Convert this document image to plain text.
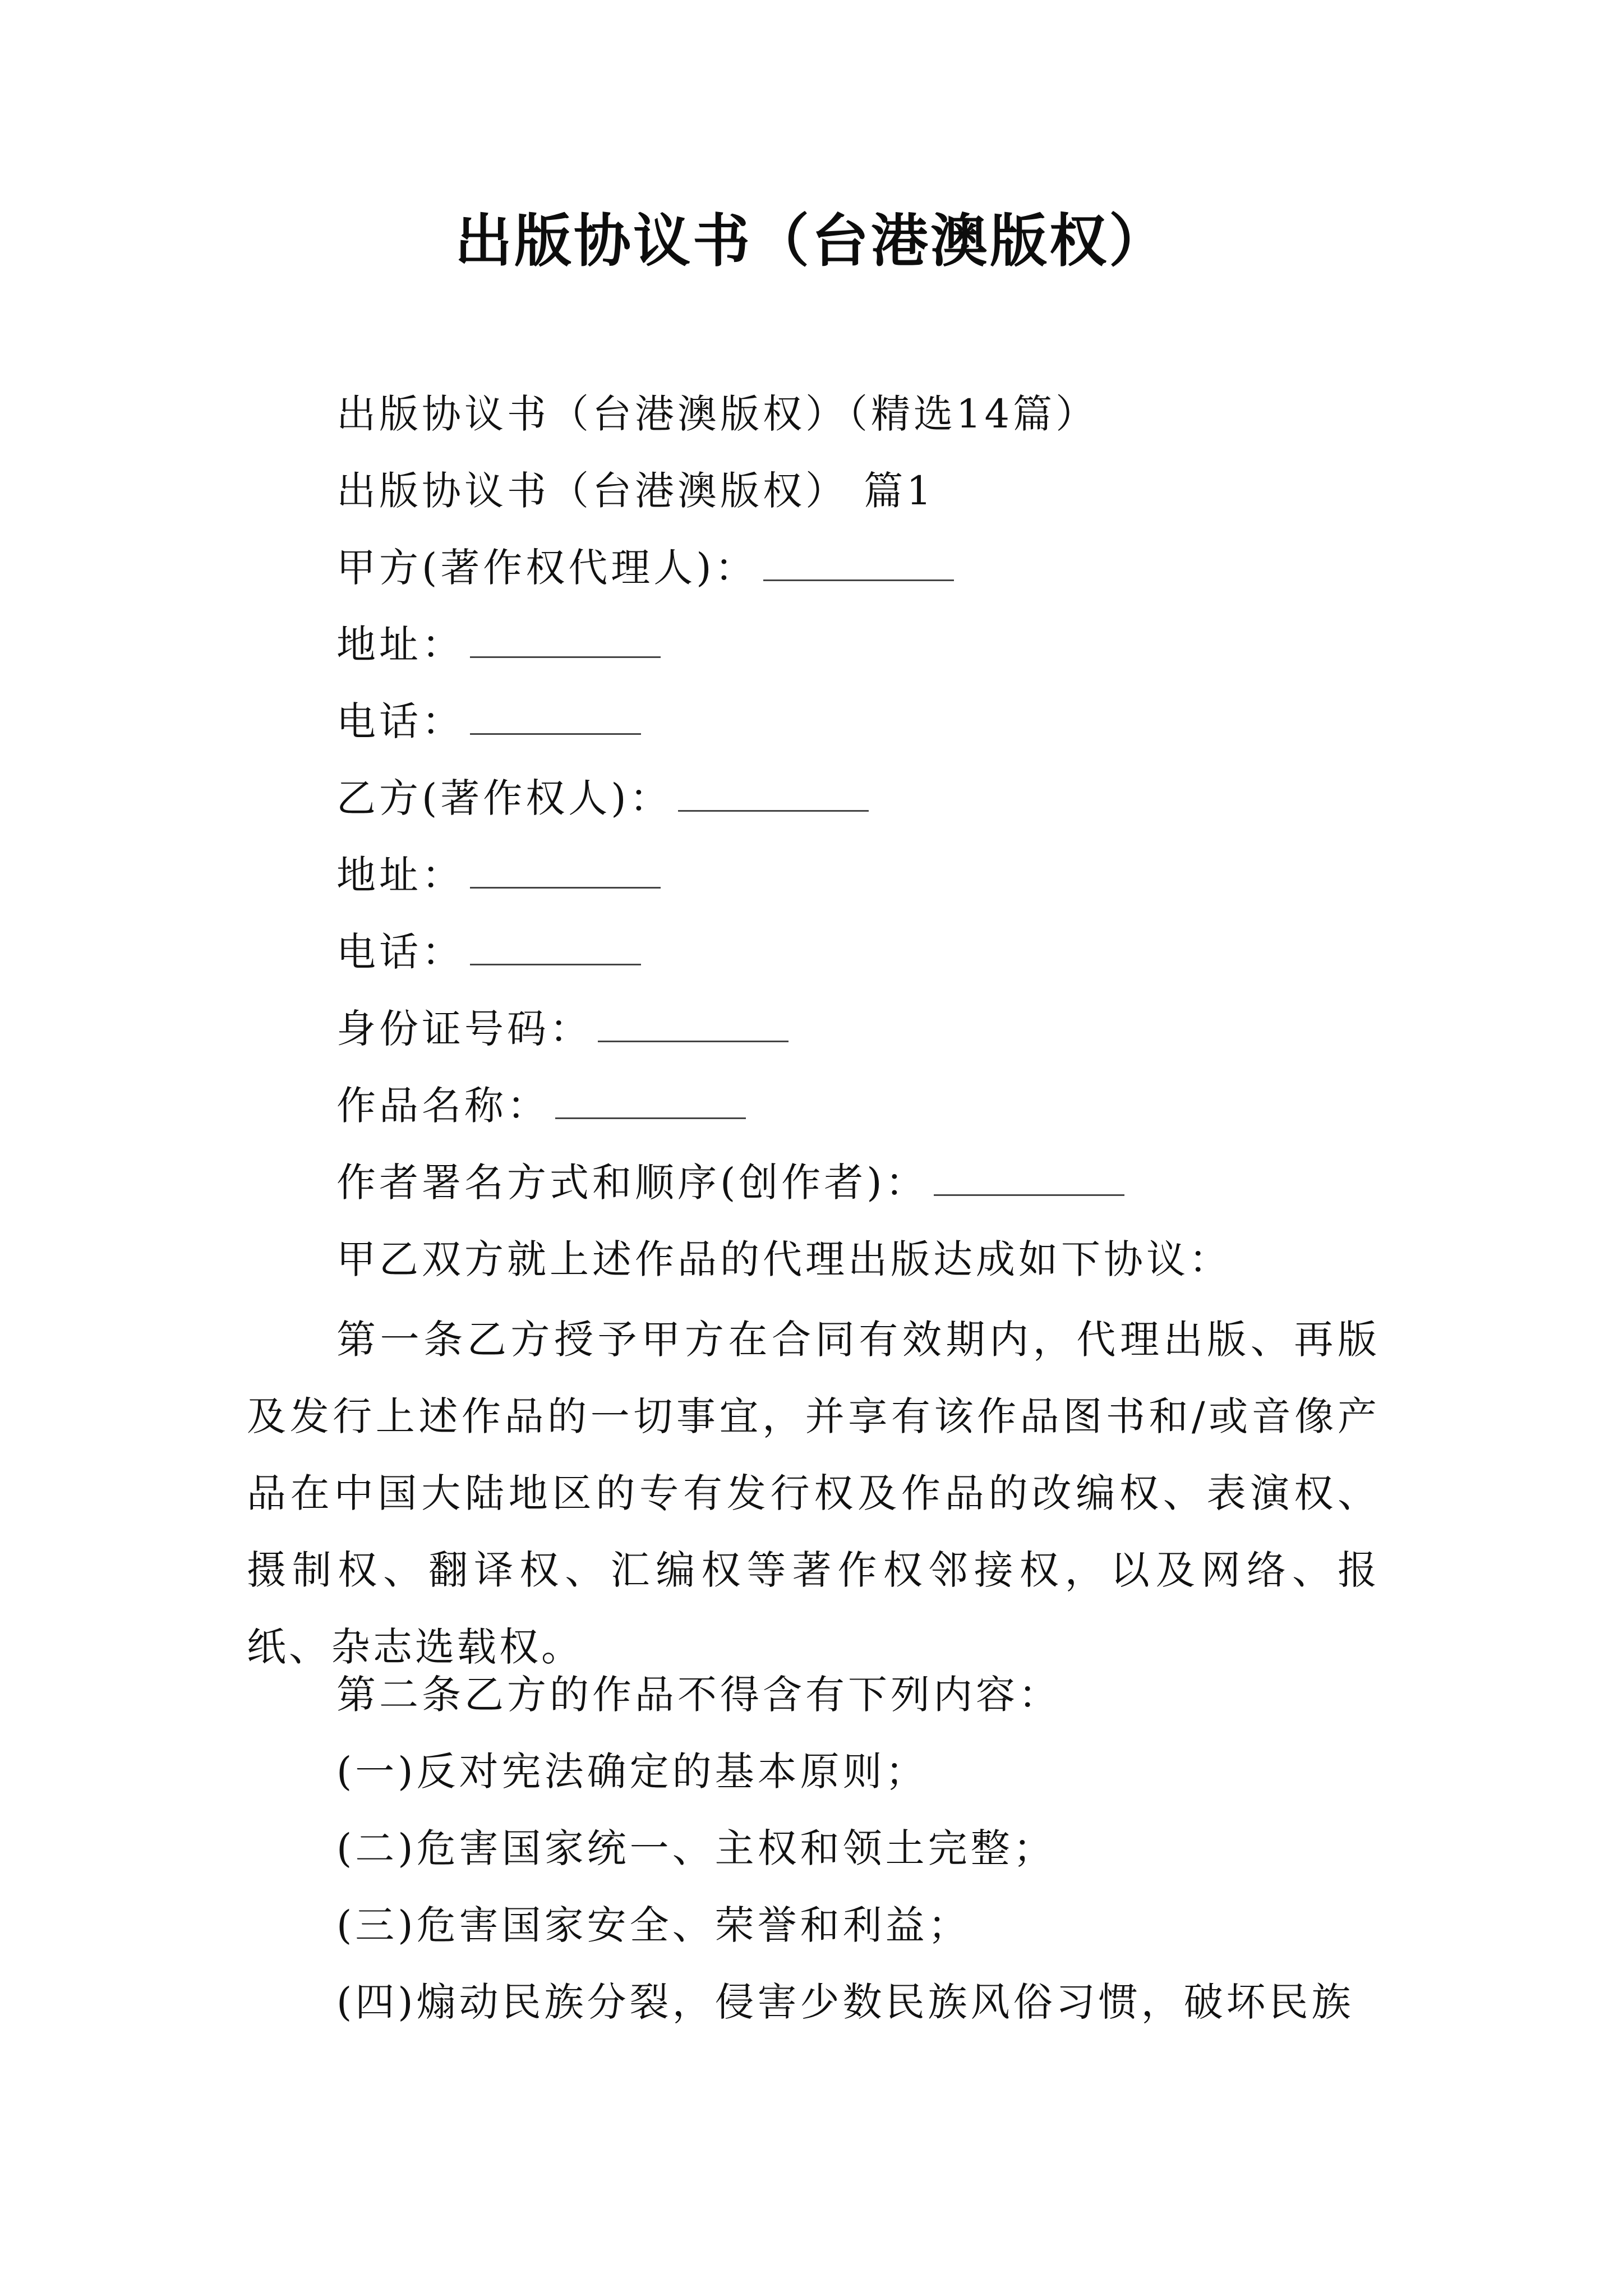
出版协议书（台港澳版权）
出版协议书（台港澳版权）（精选14篇）
出版协议书（台港澳版权） 篇1
甲方(著作权代理人)：
地址：
电话：
乙方(著作权人)：
地址：
电话：
身份证号码：
作品名称：
作者署名方式和顺序(创作者)：
甲乙双方就上述作品的代理出版达成如下协议：
第一条乙方授予甲方在合同有效期内，代理出版、再版及发行上述作品的一切事宜，并享有该作品图书和/或音像产品在中国大陆地区的专有发行权及作品的改编权、表演权、摄制权、翻译权、汇编权等著作权邻接权，以及网络、报纸、杂志选载权。
第二条乙方的作品不得含有下列内容：
(一)反对宪法确定的基本原则；
(二)危害国家统一、主权和领土完整；
(三)危害国家安全、荣誉和利益；
(四)煽动民族分裂，侵害少数民族风俗习惯，破坏民族
